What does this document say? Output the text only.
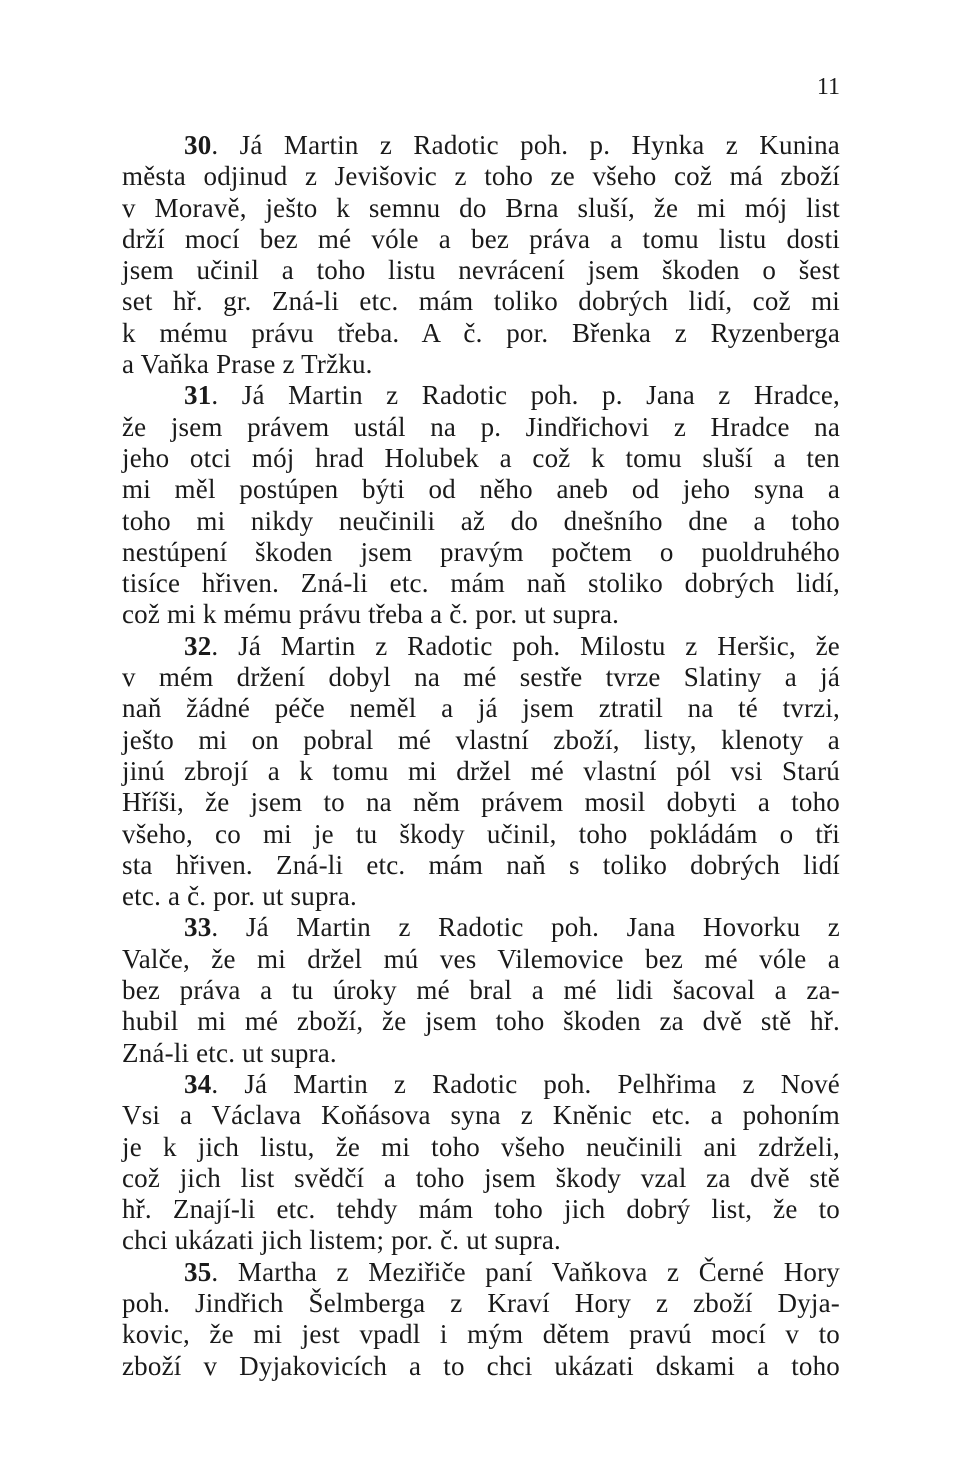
11
30. Já Martin z Radotic poh. p. Hynka z Kunina
města odjinud z Jevišovic z toho ze všeho což má zboží
v Moravě, ješto k semnu do Brna sluší, že mi mój list
drží mocí bez mé vóle a bez práva a tomu listu dosti
jsem učinil a toho listu nevrácení jsem škoden o šest
set hř. gr. Zná-li etc. mám toliko dobrých lidí, což mi
k mému právu třeba. A č. por. Břenka z Ryzenberga
a Vaňka Prase z Tržku.
31. Já Martin z Radotic poh. p. Jana z Hradce,
že jsem právem ustál na p. Jindřichovi z Hradce na
jeho otci mój hrad Holubek a což k tomu sluší a ten
mi měl postúpen býti od něho aneb od jeho syna a
toho mi nikdy neučinili až do dnešního dne a toho
nestúpení škoden jsem pravým počtem o puoldruhého
tisíce hřiven. Zná-li etc. mám naň stoliko dobrých lidí,
což mi k mému právu třeba a č. por. ut supra.
32. Já Martin z Radotic poh. Milostu z Heršic, že
v mém držení dobyl na mé sestře tvrze Slatiny a já
naň žádné péče neměl a já jsem ztratil na té tvrzi,
ješto mi on pobral mé vlastní zboží, listy, klenoty a
jinú zbrojí a k tomu mi držel mé vlastní pól vsi Starú
Hříši, že jsem to na něm právem mosil dobyti a toho
všeho, co mi je tu škody učinil, toho pokládám o tři
sta hřiven. Zná-li etc. mám naň s toliko dobrých lidí
etc. a č. por. ut supra.
33. Já Martin z Radotic poh. Jana Hovorku z
Valče, že mi držel mú ves Vilemovice bez mé vóle a
bez práva a tu úroky mé bral a mé lidi šacoval a za-
hubil mi mé zboží, že jsem toho škoden za dvě stě hř.
Zná-li etc. ut supra.
34. Já Martin z Radotic poh. Pelhřima z Nové
Vsi a Václava Koňásova syna z Kněnic etc. a pohoním
je k jich listu, že mi toho všeho neučinili ani zdrželi,
což jich list svědčí a toho jsem škody vzal za dvě stě
hř. Znají-li etc. tehdy mám toho jich dobrý list, že to
chci ukázati jich listem; por. č. ut supra.
35. Martha z Meziřiče paní Vaňkova z Černé Hory
poh. Jindřich Šelmberga z Kraví Hory z zboží Dyja-
kovic, že mi jest vpadl i mým dětem pravú mocí v to
zboží v Dyjakovicích a to chci ukázati dskami a toho
